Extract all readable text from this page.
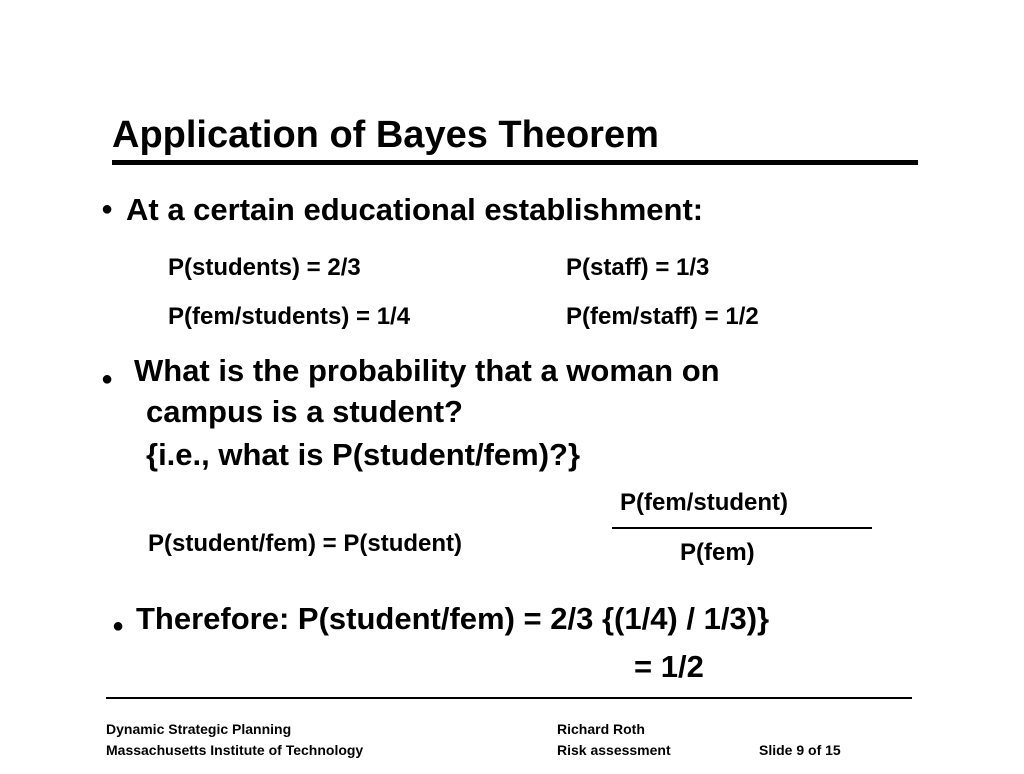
Application of Bayes Theorem
● At a certain educational establishment:
P(students) = 2/3	P(staff) = 1/3
P(fem/students) = 1/4	P(fem/staff) = 1/2
● What is the probability that a woman on
campus is a student?
{i.e., what is P(student/fem)?}
P(fem/student)
P(student/fem) = P(student)	P(fem)
● Therefore: P(student/fem) = 2/3 {(1/4) / 1/3)}
= 1/2
Dynamic Strategic Planning
Massachusetts Institute of Technology
Richard Roth
Risk assessment	Slide 9 of 15
